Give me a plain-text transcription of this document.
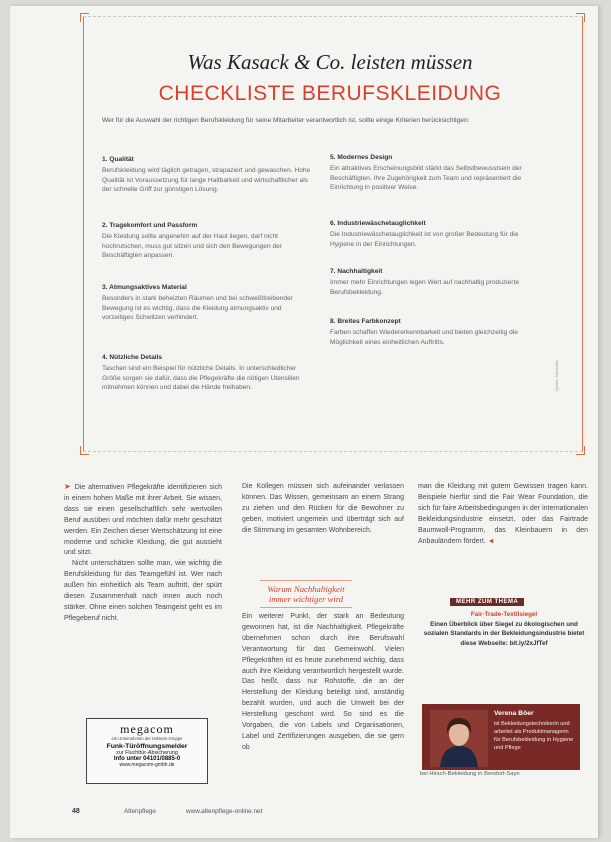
Was Kasack & Co. leisten müssen
CHECKLISTE BERUFSKLEIDUNG
Wer für die Auswahl der richtigen Berufskleidung für seine Mitarbeiter verantwortlich ist, sollte einige Kriterien berücksichtigen:
1. Qualität

Berufskleidung wird täglich getragen, strapaziert und gewaschen. Hohe Qualität ist Voraussetzung für lange Haltbarkeit und wirtschaftlicher als der schnelle Griff zur günstigen Lösung.

2. Tragekomfort und Passform

Die Kleidung sollte angenehm auf der Haut liegen, darf nicht hochrutschen, muss gut sitzen und sich den Bewegungen der Beschäftigten anpassen.

3. Atmungsaktives Material

Besonders in stark beheizten Räumen und bei schweißtreibender Bewegung ist es wichtig, dass die Kleidung atmungsaktiv und vorzeitiges Schwitzen verhindert.

4. Nützliche Details

Taschen sind ein Beispiel für nützliche Details. In unterschiedlicher Größe sorgen sie dafür, dass die Pflegekräfte die nötigen Utensilien mitnehmen können und dabei die Hände freihaben.

5. Modernes Design

Ein attraktives Erscheinungsbild stärkt das Selbstbewusstsein der Beschäftigten. Ihre Zugehörigkeit zum Team und repräsentiert die Einrichtung in positiver Weise.

6. Industriewäschetauglichkeit

Die Industriewäschetauglichkeit ist von großer Bedeutung für die Hygiene in der Einrichtungen.

7. Nachhaltigkeit

Immer mehr Einrichtungen legen Wert auf nachhaltig produzierte Berufsbekleidung.

8. Breites Farbkonzept

Farben schaffen Wiedererkennbarkeit und bieten gleichzeitig die Möglichkeit eines einheitlichen Auftritts.

Quelle: Hersteller

➤ Die alternativen Pflegekräfte identifizieren sich in einem hohen Maße mit ihrer Arbeit. Sie wissen, dass sie einen gesellschaftlich sehr wertvollen Beruf ausüben und möchten dafür mehr geschätzt werden. Ein Zeichen dieser Wertschätzung ist eine moderne und schicke Kleidung, die gut aussieht und sitzt.

Nicht unterschätzen sollte man, wie wichtig die Berufskleidung für das Teamgefühl ist. Wer nach außen hin einheitlich als Team auftritt, der spürt diesen Zusammenhalt nach innen auch noch stärker. Ohne einen solchen Teamgeist geht es im Pflegeberuf nicht.

Die Kollegen müssen sich aufeinander verlassen können. Das Wissen, gemeinsam an einem Strang zu ziehen und den Rücken für die Bewohner zu geben, motiviert ungemein und überträgt sich auf die Stimmung im gesamten Wohnbereich.

Warum Nachhaltigkeit immer wichtiger wird

Ein weiterer Punkt, der stark an Bedeutung gewonnen hat, ist die Nachhaltigkeit. Pflegekräfte übernehmen schon durch ihre Berufswahl Verantwortung für das Gemeinwohl. Vielen Pflegekräften ist es heute zunehmend wichtig, dass auch ihre Kleidung verantwortlich hergestellt wurde. Das heißt, dass nur Rohstoffe, die an der Herstellung der Kleidung beteiligt sind, anständig bezahlt wurden, und auch die Umwelt bei der Herstellung geschont wird. So sind es die Vorgaben, die von Labels und Organisationen, Label und Zertifizierungen ausgeben, die sie gern ob

man die Kleidung mit gutem Gewissen tragen kann. Beispiele hierfür sind die Fair Wear Foundation, die sich für faire Arbeitsbedingungen in der internationalen Bekleidungsindustrie einsetzt, oder das Fairtrade Baumwoll-Programm, das Kleinbauern in den Anbauländern fördert. ◄

MEHR ZUM THEMA
Fair-Trade-Textilsiegel
Einen Überblick über Siegel zu ökologischen und sozialen Standards in der Bekleidungsindustrie bietet diese Webseite: bit.ly/2xJfTef
Verena Böer
ist Bekleidungstechnikerin und arbeitet als Produktmanagerin für Berufsbekleidung in Hygiene und Pflege
bei Hirsch-Bekleidung in Bendorf-Sayn
megacom
ein Unternehmen der Holstein-Gruppe
Funk-Türöffnungsmelder
zur Fluchttür-Absicherung
Info unter 04101/0885-0
www.megacom-gmbh.de
48	Altenpflege	www.altenpflege-online.net
